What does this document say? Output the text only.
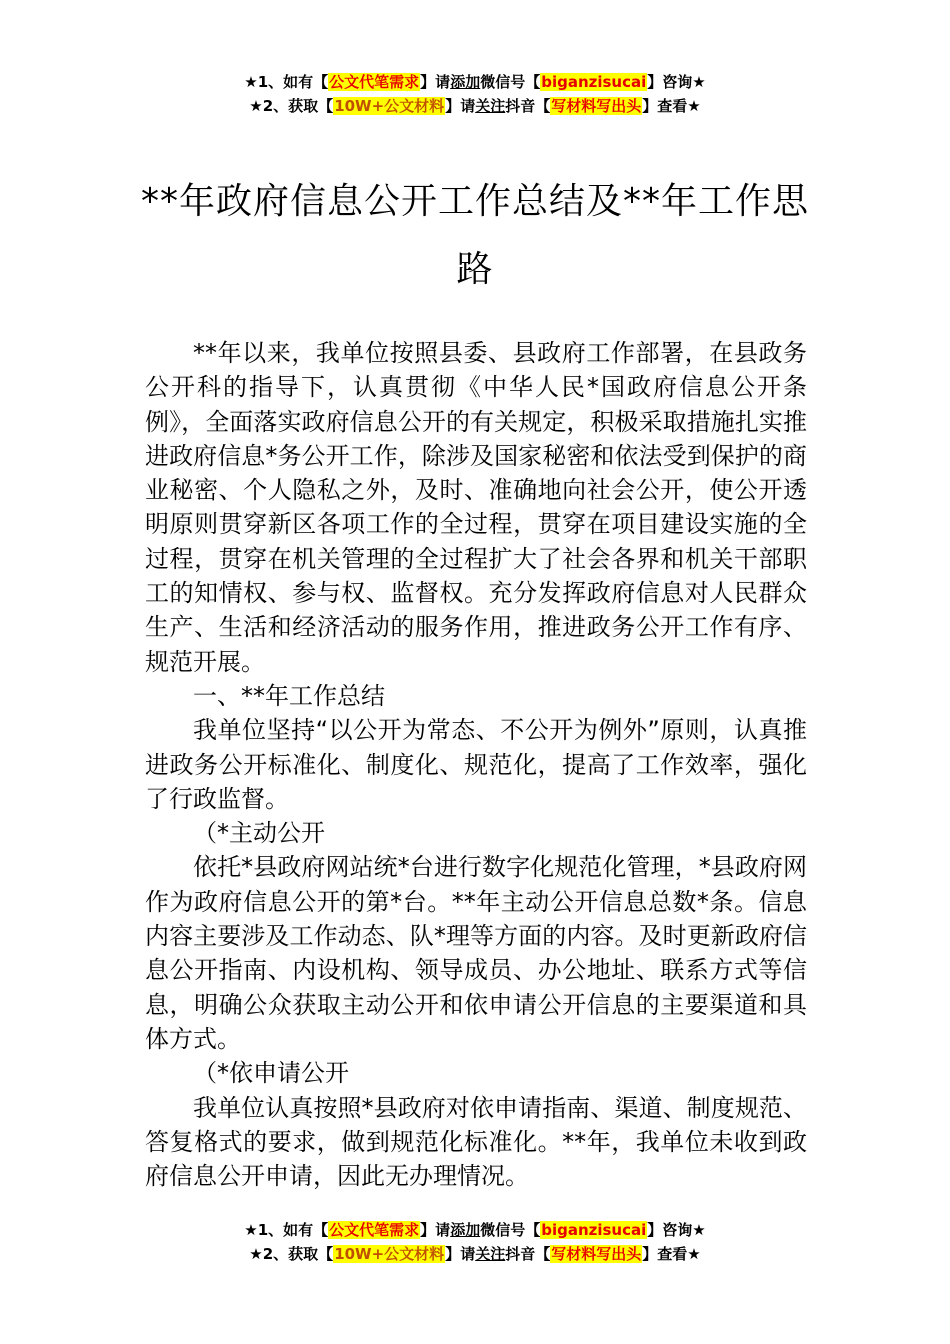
★1、如有【公文代笔需求】请添加微信号【biganzisucai】咨询★
★2、获取【10W+公文材料】请关注抖音【写材料写出头】查看★
**年政府信息公开工作总结及**年工作思路

**年以来，我单位按照县委、县政府工作部署，在县政务公开科的指导下，认真贯彻《中华人民*国政府信息公开条例》，全面落实政府信息公开的有关规定，积极采取措施扎实推进政府信息*务公开工作，除涉及国家秘密和依法受到保护的商业秘密、个人隐私之外，及时、准确地向社会公开，使公开透明原则贯穿新区各项工作的全过程，贯穿在项目建设实施的全过程，贯穿在机关管理的全过程扩大了社会各界和机关干部职工的知情权、参与权、监督权。充分发挥政府信息对人民群众生产、生活和经济活动的服务作用，推进政务公开工作有序、规范开展。

一、**年工作总结

我单位坚持“以公开为常态、不公开为例外”原则，认真推进政务公开标准化、制度化、规范化，提高了工作效率，强化了行政监督。

（*主动公开

依托*县政府网站统*台进行数字化规范化管理，*县政府网作为政府信息公开的第*台。**年主动公开信息总数*条。信息内容主要涉及工作动态、队*理等方面的内容。及时更新政府信息公开指南、内设机构、领导成员、办公地址、联系方式等信息，明确公众获取主动公开和依申请公开信息的主要渠道和具体方式。

（*依申请公开

我单位认真按照*县政府对依申请指南、渠道、制度规范、答复格式的要求，做到规范化标准化。**年，我单位未收到政府信息公开申请，因此无办理情况。

★1、如有【公文代笔需求】请添加微信号【biganzisucai】咨询★
★2、获取【10W+公文材料】请关注抖音【写材料写出头】查看★
